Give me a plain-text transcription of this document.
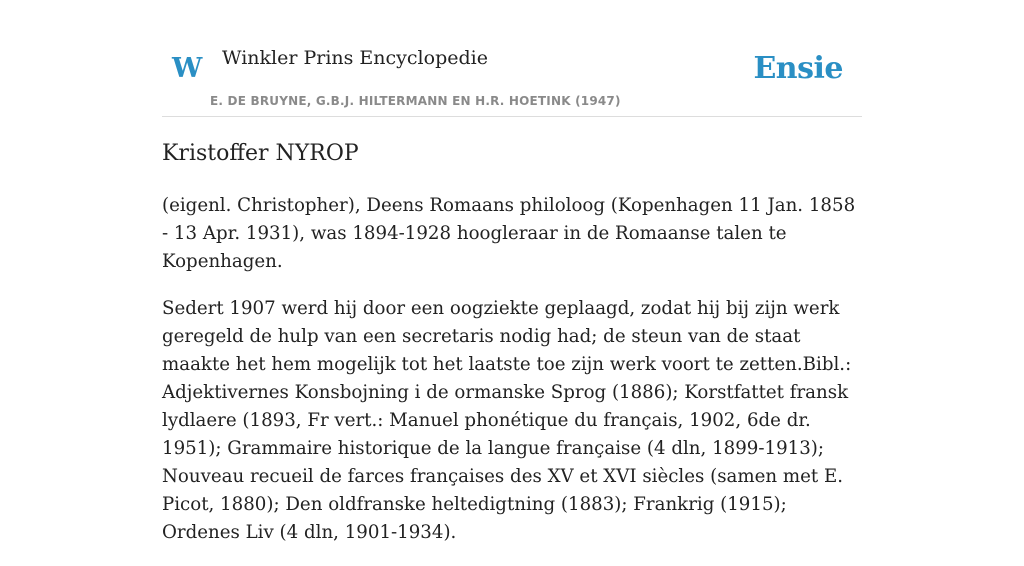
W Winkler Prins Encyclopedie
E. DE BRUYNE, G.B.J. HILTERMANN EN H.R. HOETINK (1947)
Ensie
Kristoffer NYROP

(eigenl. Christopher), Deens Romaans philoloog (Kopenhagen 11 Jan. 1858 - 13 Apr. 1931), was 1894-1928 hoogleraar in de Romaanse talen te Kopenhagen.

Sedert 1907 werd hij door een oogziekte geplaagd, zodat hij bij zijn werk geregeld de hulp van een secretaris nodig had; de steun van de staat maakte het hem mogelijk tot het laatste toe zijn werk voort te zetten.Bibl.: Adjektivernes Konsbojning i de ormanske Sprog (1886); Korstfattet fransk lydlaere (1893, Fr vert.: Manuel phonétique du français, 1902, 6de dr. 1951); Grammaire historique de la langue française (4 dln, 1899-1913); Nouveau recueil de farces françaises des XV et XVI siècles (samen met E. Picot, 1880); Den oldfranske heltedigtning (1883); Frankrig (1915); Ordenes Liv (4 dln, 1901-1934).
